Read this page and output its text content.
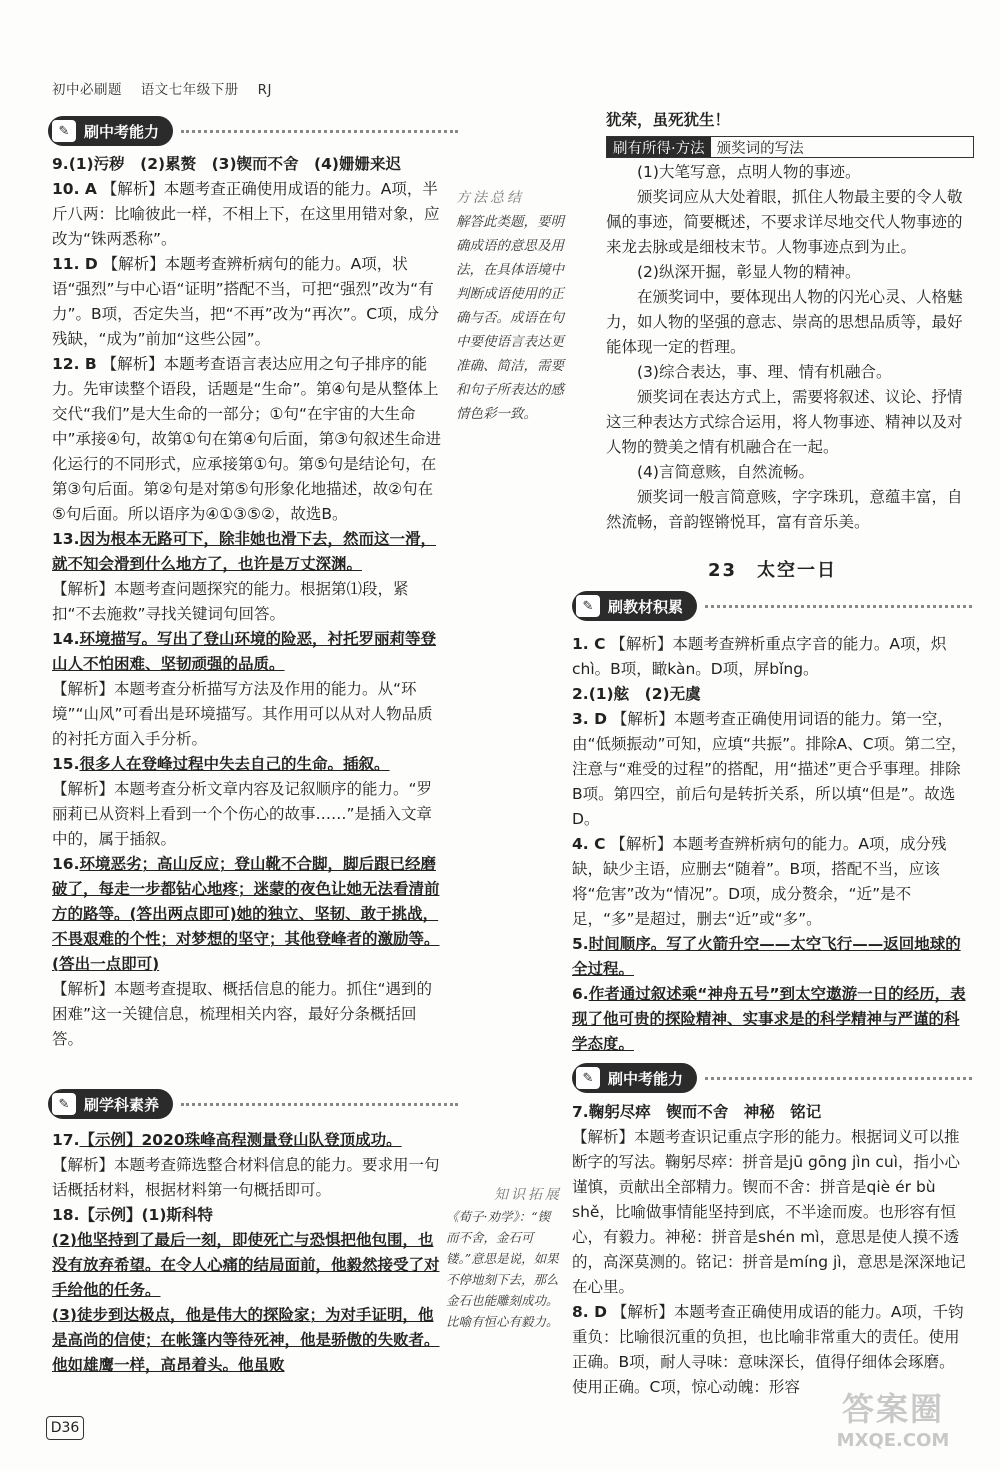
初中必刷题 语文七年级下册 RJ
✎ 刷中考能力

9.(1)污秽　(2)累赘　(3)锲而不舍　(4)姗姗来迟

10. A 【解析】本题考查正确使用成语的能力。A项，半斤八两：比喻彼此一样，不相上下，在这里用错对象，应改为“铢两悉称”。

11. D 【解析】本题考查辨析病句的能力。A项，状语“强烈”与中心语“证明”搭配不当，可把“强烈”改为“有力”。B项，否定失当，把“不再”改为“再次”。C项，成分残缺，“成为”前加“这些公园”。

12. B 【解析】本题考查语言表达应用之句子排序的能力。先审读整个语段，话题是“生命”。第④句是从整体上交代“我们”是大生命的一部分；①句“在宇宙的大生命中”承接④句，故第①句在第④句后面，第③句叙述生命进化运行的不同形式，应承接第①句。第⑤句是结论句，在第③句后面。第②句是对第⑤句形象化地描述，故②句在⑤句后面。所以语序为④①③⑤②，故选B。

13.因为根本无路可下，除非她也滑下去，然而这一滑，就不知会滑到什么地方了，也许是万丈深渊。
【解析】本题考查问题探究的能力。根据第⑴段，紧扣“不去施救”寻找关键词句回答。

14.环境描写。写出了登山环境的险恶，衬托罗丽莉等登山人不怕困难、坚韧顽强的品质。
【解析】本题考查分析描写方法及作用的能力。从“环境”“山风”可看出是环境描写。其作用可以从对人物品质的衬托方面入手分析。

15.很多人在登峰过程中失去自己的生命。插叙。
【解析】本题考查分析文章内容及记叙顺序的能力。“罗丽莉已从资料上看到一个个伤心的故事……”是插入文章中的，属于插叙。

16.环境恶劣；高山反应；登山靴不合脚，脚后跟已经磨破了，每走一步都钻心地疼；迷蒙的夜色让她无法看清前方的路等。(答出两点即可)她的独立、坚韧、敢于挑战，不畏艰难的个性；对梦想的坚守；其他登峰者的激励等。(答出一点即可)
【解析】本题考查提取、概括信息的能力。抓住“遇到的困难”这一关键信息，梳理相关内容，最好分条概括回答。

✎ 刷学科素养

17.【示例】2020珠峰高程测量登山队登顶成功。
【解析】本题考查筛选整合材料信息的能力。要求用一句话概括材料，根据材料第一句概括即可。

18.【示例】(1)斯科特
(2)他坚持到了最后一刻，即使死亡与恐惧把他包围，也没有放弃希望。在令人心痛的结局面前，他毅然接受了对手给他的任务。
(3)徒步到达极点，他是伟大的探险家；为对手证明，他是高尚的信使；在帐篷内等待死神，他是骄傲的失败者。他如雄鹰一样，高昂着头。他虽败

方法总结
解答此类题，要明确成语的意思及用法，在具体语境中判断成语使用的正确与否。成语在句中要使语言表达更准确、简洁，需要和句子所表达的感情色彩一致。
知识拓展
《荀子·劝学》：“锲而不舍，金石可镂。”意思是说，如果不停地刻下去，那么金石也能雕刻成功。比喻有恒心有毅力。

犹荣，虽死犹生！

刷有所得·方法 颁奖词的写法

(1)大笔写意，点明人物的事迹。

颁奖词应从大处着眼，抓住人物最主要的令人敬佩的事迹，简要概述，不要求详尽地交代人物事迹的来龙去脉或是细枝末节。人物事迹点到为止。

(2)纵深开掘，彰显人物的精神。

在颁奖词中，要体现出人物的闪光心灵、人格魅力，如人物的坚强的意志、崇高的思想品质等，最好能体现一定的哲理。

(3)综合表达，事、理、情有机融合。

颁奖词在表达方式上，需要将叙述、议论、抒情这三种表达方式综合运用，将人物事迹、精神以及对人物的赞美之情有机融合在一起。

(4)言简意赅，自然流畅。

颁奖词一般言简意赅，字字珠玑，意蕴丰富，自然流畅，音韵铿锵悦耳，富有音乐美。

23　太空一日
✎ 刷教材积累

1. C 【解析】本题考查辨析重点字音的能力。A项，炽chì。B项，瞰kàn。D项，屏bǐng。

2.(1)舷　(2)无虞

3. D 【解析】本题考查正确使用词语的能力。第一空，由“低频振动”可知，应填“共振”。排除A、C项。第二空，注意与“难受的过程”的搭配，用“描述”更合乎事理。排除B项。第四空，前后句是转折关系，所以填“但是”。故选D。

4. C 【解析】本题考查辨析病句的能力。A项，成分残缺，缺少主语，应删去“随着”。B项，搭配不当，应该将“危害”改为“情况”。D项，成分赘余，“近”是不足，“多”是超过，删去“近”或“多”。

5.时间顺序。写了火箭升空——太空飞行——返回地球的全过程。

6.作者通过叙述乘“神舟五号”到太空遨游一日的经历，表现了他可贵的探险精神、实事求是的科学精神与严谨的科学态度。

✎ 刷中考能力

7.鞠躬尽瘁　锲而不舍　神秘　铭记

【解析】本题考查识记重点字形的能力。根据词义可以推断字的写法。鞠躬尽瘁：拼音是jū gōng jìn cuì，指小心谨慎，贡献出全部精力。锲而不舍：拼音是qiè ér bù shě，比喻做事情能坚持到底，不半途而废。也形容有恒心，有毅力。神秘：拼音是shén mì，意思是使人摸不透的，高深莫测的。铭记：拼音是míng jì，意思是深深地记在心里。

8. D 【解析】本题考查正确使用成语的能力。A项，千钧重负：比喻很沉重的负担，也比喻非常重大的责任。使用正确。B项，耐人寻味：意味深长，值得仔细体会琢磨。使用正确。C项，惊心动魄：形容

D36	答案圈
MXQE.COM
